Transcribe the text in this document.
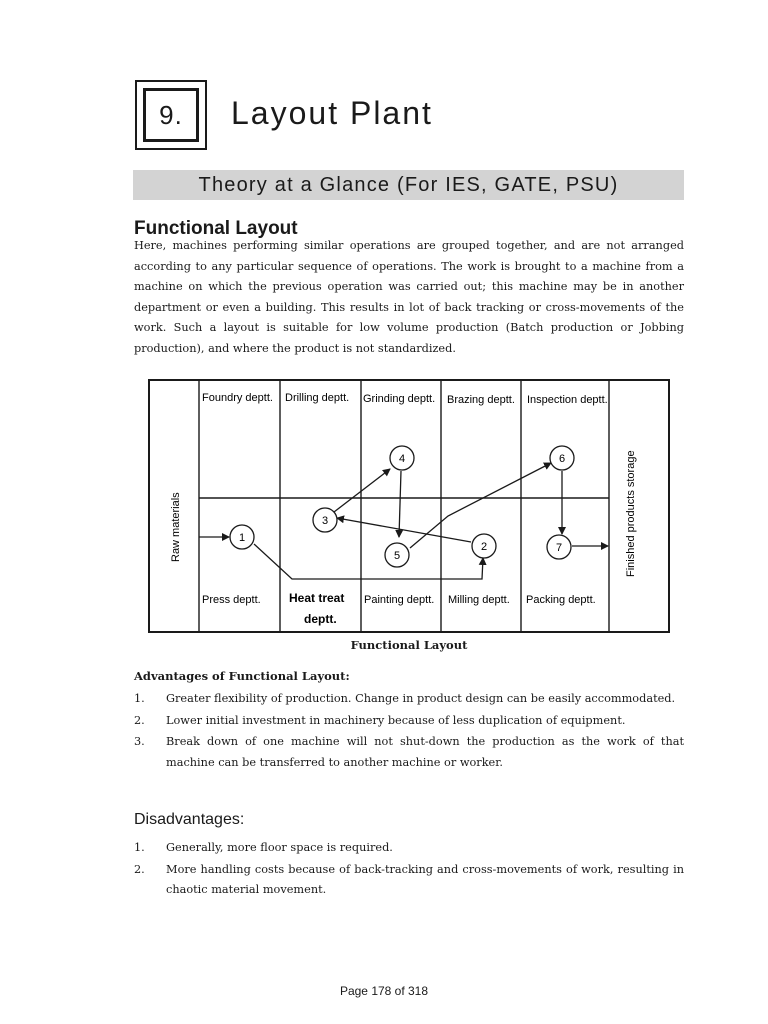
9.	Layout Plant
Theory at a Glance (For IES, GATE, PSU)
Functional Layout

Here, machines performing similar operations are grouped together, and are not arranged according to any particular sequence of operations. The work is brought to a machine from a machine on which the previous operation was carried out; this machine may be in another department or even a building. This results in lot of back tracking or cross-movements of the work. Such a layout is suitable for low volume production (Batch production or Jobbing production), and where the product is not standardized.

Raw materials	Finished products storage
Foundry deptt. Drilling deptt. Grinding deptt. Brazing deptt. Inspection deptt.
Press deptt.	Painting deptt. Milling deptt. Packing deptt.
Heat treat
deptt.
1
2
3
4
5
6
7
Functional Layout
Advantages of Functional Layout:
1. Greater flexibility of production. Change in product design can be easily accommodated.
2. Lower initial investment in machinery because of less duplication of equipment.
3. Break down of one machine will not shut-down the production as the work of that machine can be transferred to another machine or worker.
Disadvantages:
1. Generally, more floor space is required.
2. More handling costs because of back-tracking and cross-movements of work, resulting in chaotic material movement.
Page 178 of 318
